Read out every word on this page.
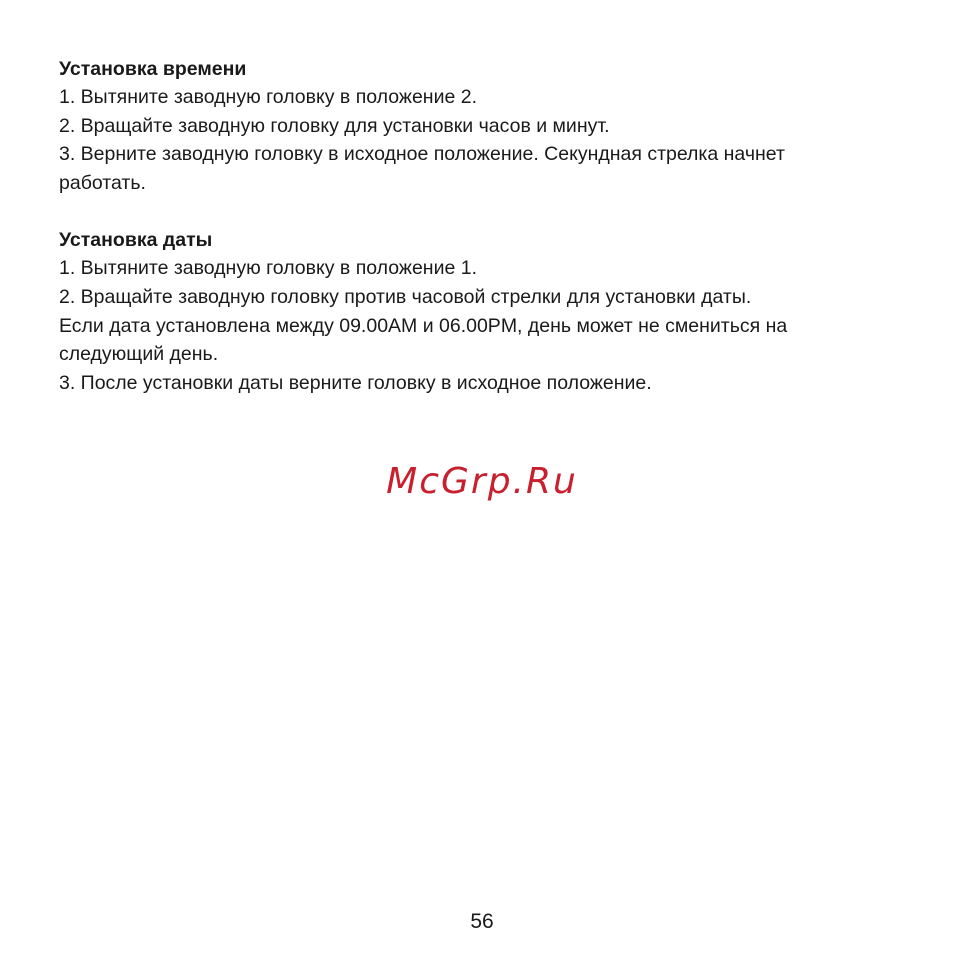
Установка времени

1. Вытяните заводную головку в положение 2.

2. Вращайте заводную головку для установки часов и минут.

3. Верните заводную головку в исходное положение. Секундная стрелка начнет

работать.

Установка даты

1. Вытяните заводную головку в положение 1.

2. Вращайте заводную головку против часовой стрелки для установки даты.

Если дата установлена между 09.00AM и 06.00PM, день может не смениться на

следующий день.

3. После установки даты верните головку в исходное положение.

McGrp.Ru
56
